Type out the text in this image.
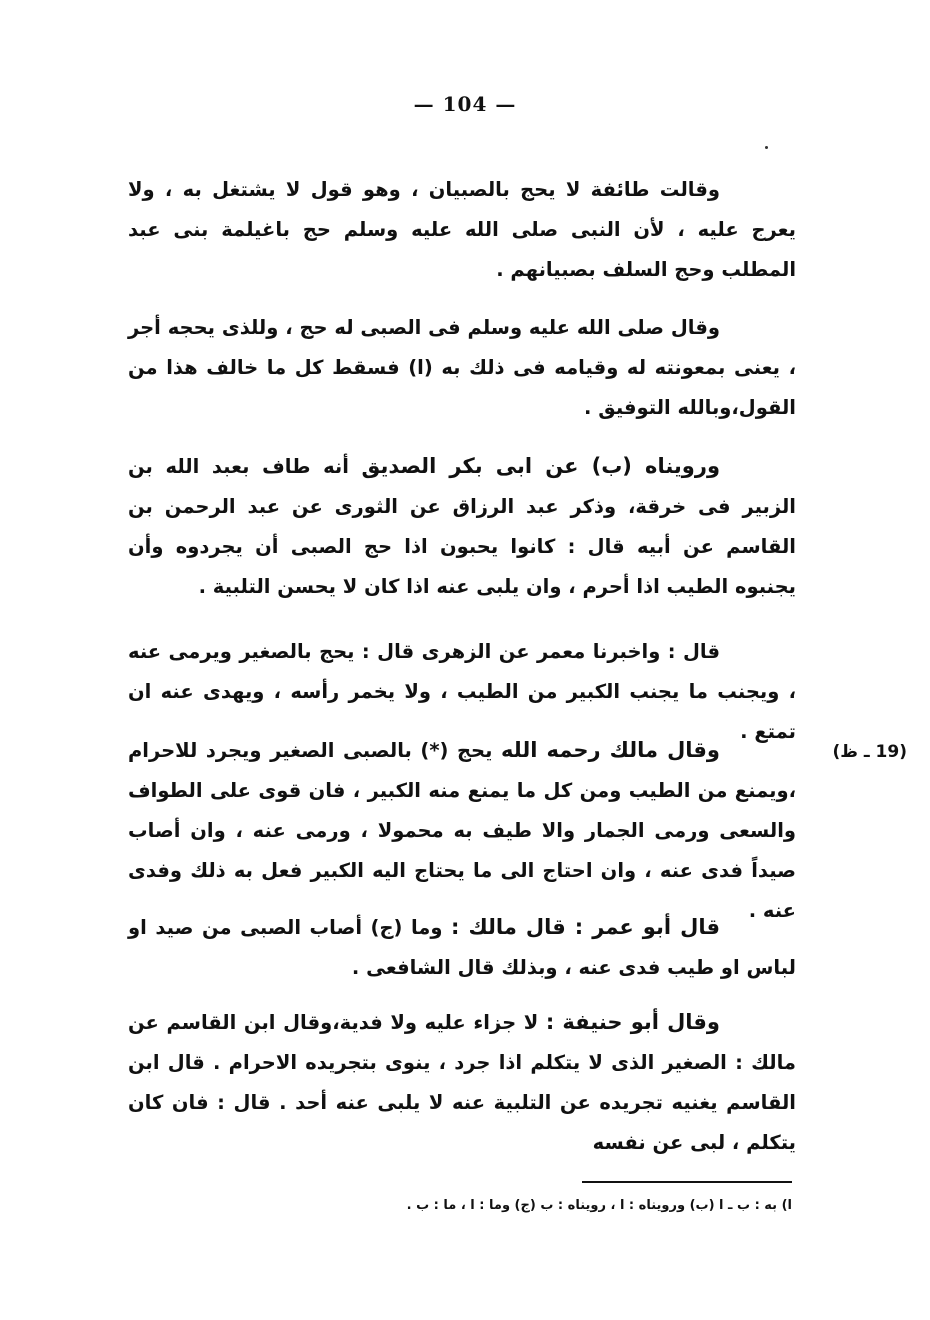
— 104 —

وقالت طائفة لا يحج بالصبيان ، وهو قول لا يشتغل به ، ولا يعرج عليه ، لأن النبى صلى الله عليه وسلم حج باغيلمة بنى عبد المطلب وحج السلف بصبيانهم .

وقال صلى الله عليه وسلم فى الصبى له حج ، وللذى يحجه أجر ، يعنى بمعونته له وقيامه فى ذلك به (ا) فسقط كل ما خالف هذا من القول،وبالله التوفيق .

ورويناه (ب) عن ابى بكر الصديق أنه طاف بعبد الله بن الزبير فى خرقة، وذكر عبد الرزاق عن الثورى عن عبد الرحمن بن القاسم عن أبيه قال : كانوا يحبون اذا حج الصبى أن يجردوه وأن يجنبوه الطيب اذا أحرم ، وان يلبى عنه اذا كان لا يحسن التلبية .

قال : واخبرنا معمر عن الزهرى قال : يحج بالصغير ويرمى عنه ، ويجنب ما يجنب الكبير من الطيب ، ولا يخمر رأسه ، ويهدى عنه ان تمتع .

وقال مالك رحمه الله يحج (*) بالصبى الصغير ويجرد للاحرام ،ويمنع من الطيب ومن كل ما يمنع منه الكبير ، فان قوى على الطواف والسعى ورمى الجمار والا طيف به محمولا ، ورمى عنه ، وان أصاب صيداً فدى عنه ، وان احتاج الى ما يحتاج اليه الكبير فعل به ذلك وفدى عنه .

(19 ـ ظ)

قال أبو عمر : قال مالك : وما (ج) أصاب الصبى من صيد او لباس او طيب فدى عنه ، وبذلك قال الشافعى .

وقال أبو حنيفة : لا جزاء عليه ولا فدية،وقال ابن القاسم عن مالك : الصغير الذى لا يتكلم اذا جرد ، ينوى بتجريده الاحرام . قال ابن القاسم يغنيه تجريده عن التلبية عنه لا يلبى عنه أحد . قال : فان كان يتكلم ، لبى عن نفسه

ا) به : ب ـ ا (ب) ورويناه : ا ، رويناه : ب (ج) وما : ا ، ما : ب .
